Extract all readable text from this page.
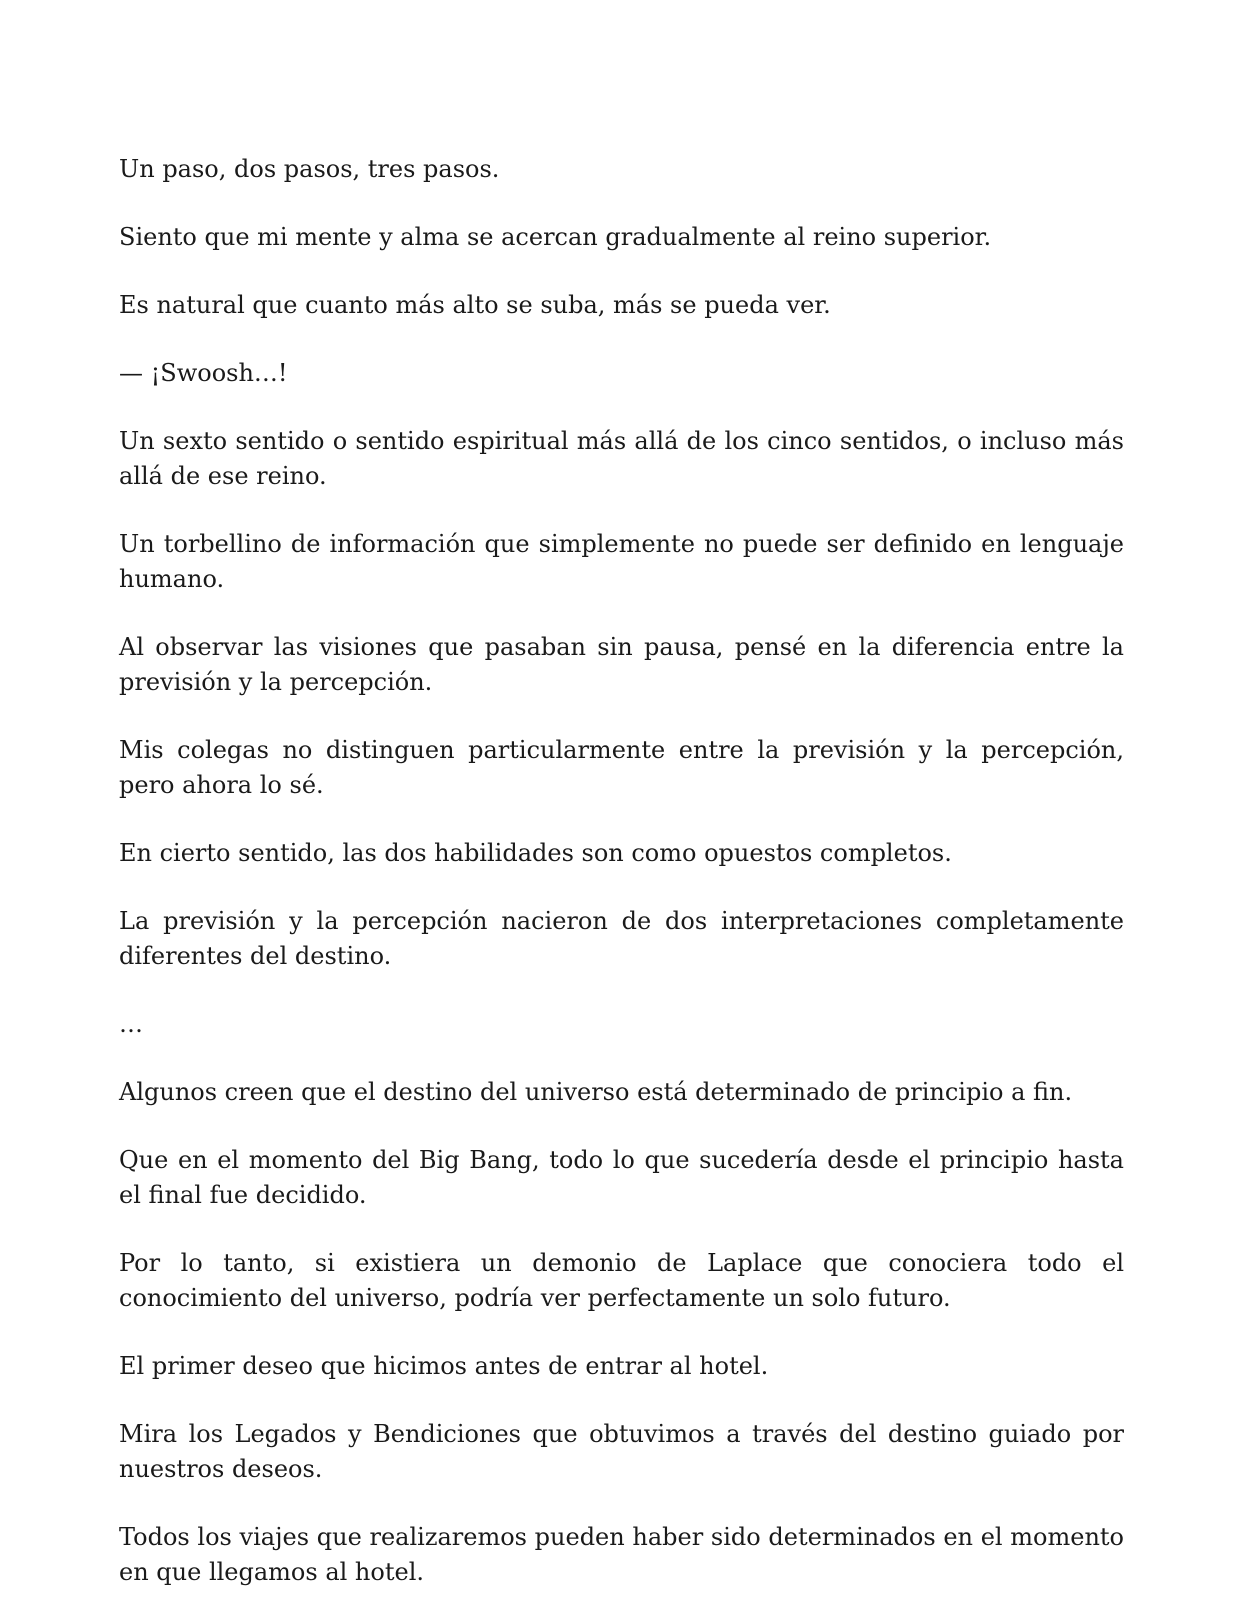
Un paso, dos pasos, tres pasos.

Siento que mi mente y alma se acercan gradualmente al reino superior.

Es natural que cuanto más alto se suba, más se pueda ver.

— ¡Swoosh…!

Un sexto sentido o sentido espiritual más allá de los cinco sentidos, o incluso más allá de ese reino.

Un torbellino de información que simplemente no puede ser definido en lenguaje humano.

Al observar las visiones que pasaban sin pausa, pensé en la diferencia entre la previsión y la percepción.

Mis colegas no distinguen particularmente entre la previsión y la percepción, pero ahora lo sé.

En cierto sentido, las dos habilidades son como opuestos completos.

La previsión y la percepción nacieron de dos interpretaciones completamente diferentes del destino.

…

Algunos creen que el destino del universo está determinado de principio a fin.

Que en el momento del Big Bang, todo lo que sucedería desde el principio hasta el final fue decidido.

Por lo tanto, si existiera un demonio de Laplace que conociera todo el conocimiento del universo, podría ver perfectamente un solo futuro.

El primer deseo que hicimos antes de entrar al hotel.

Mira los Legados y Bendiciones que obtuvimos a través del destino guiado por nuestros deseos.

Todos los viajes que realizaremos pueden haber sido determinados en el momento en que llegamos al hotel.
